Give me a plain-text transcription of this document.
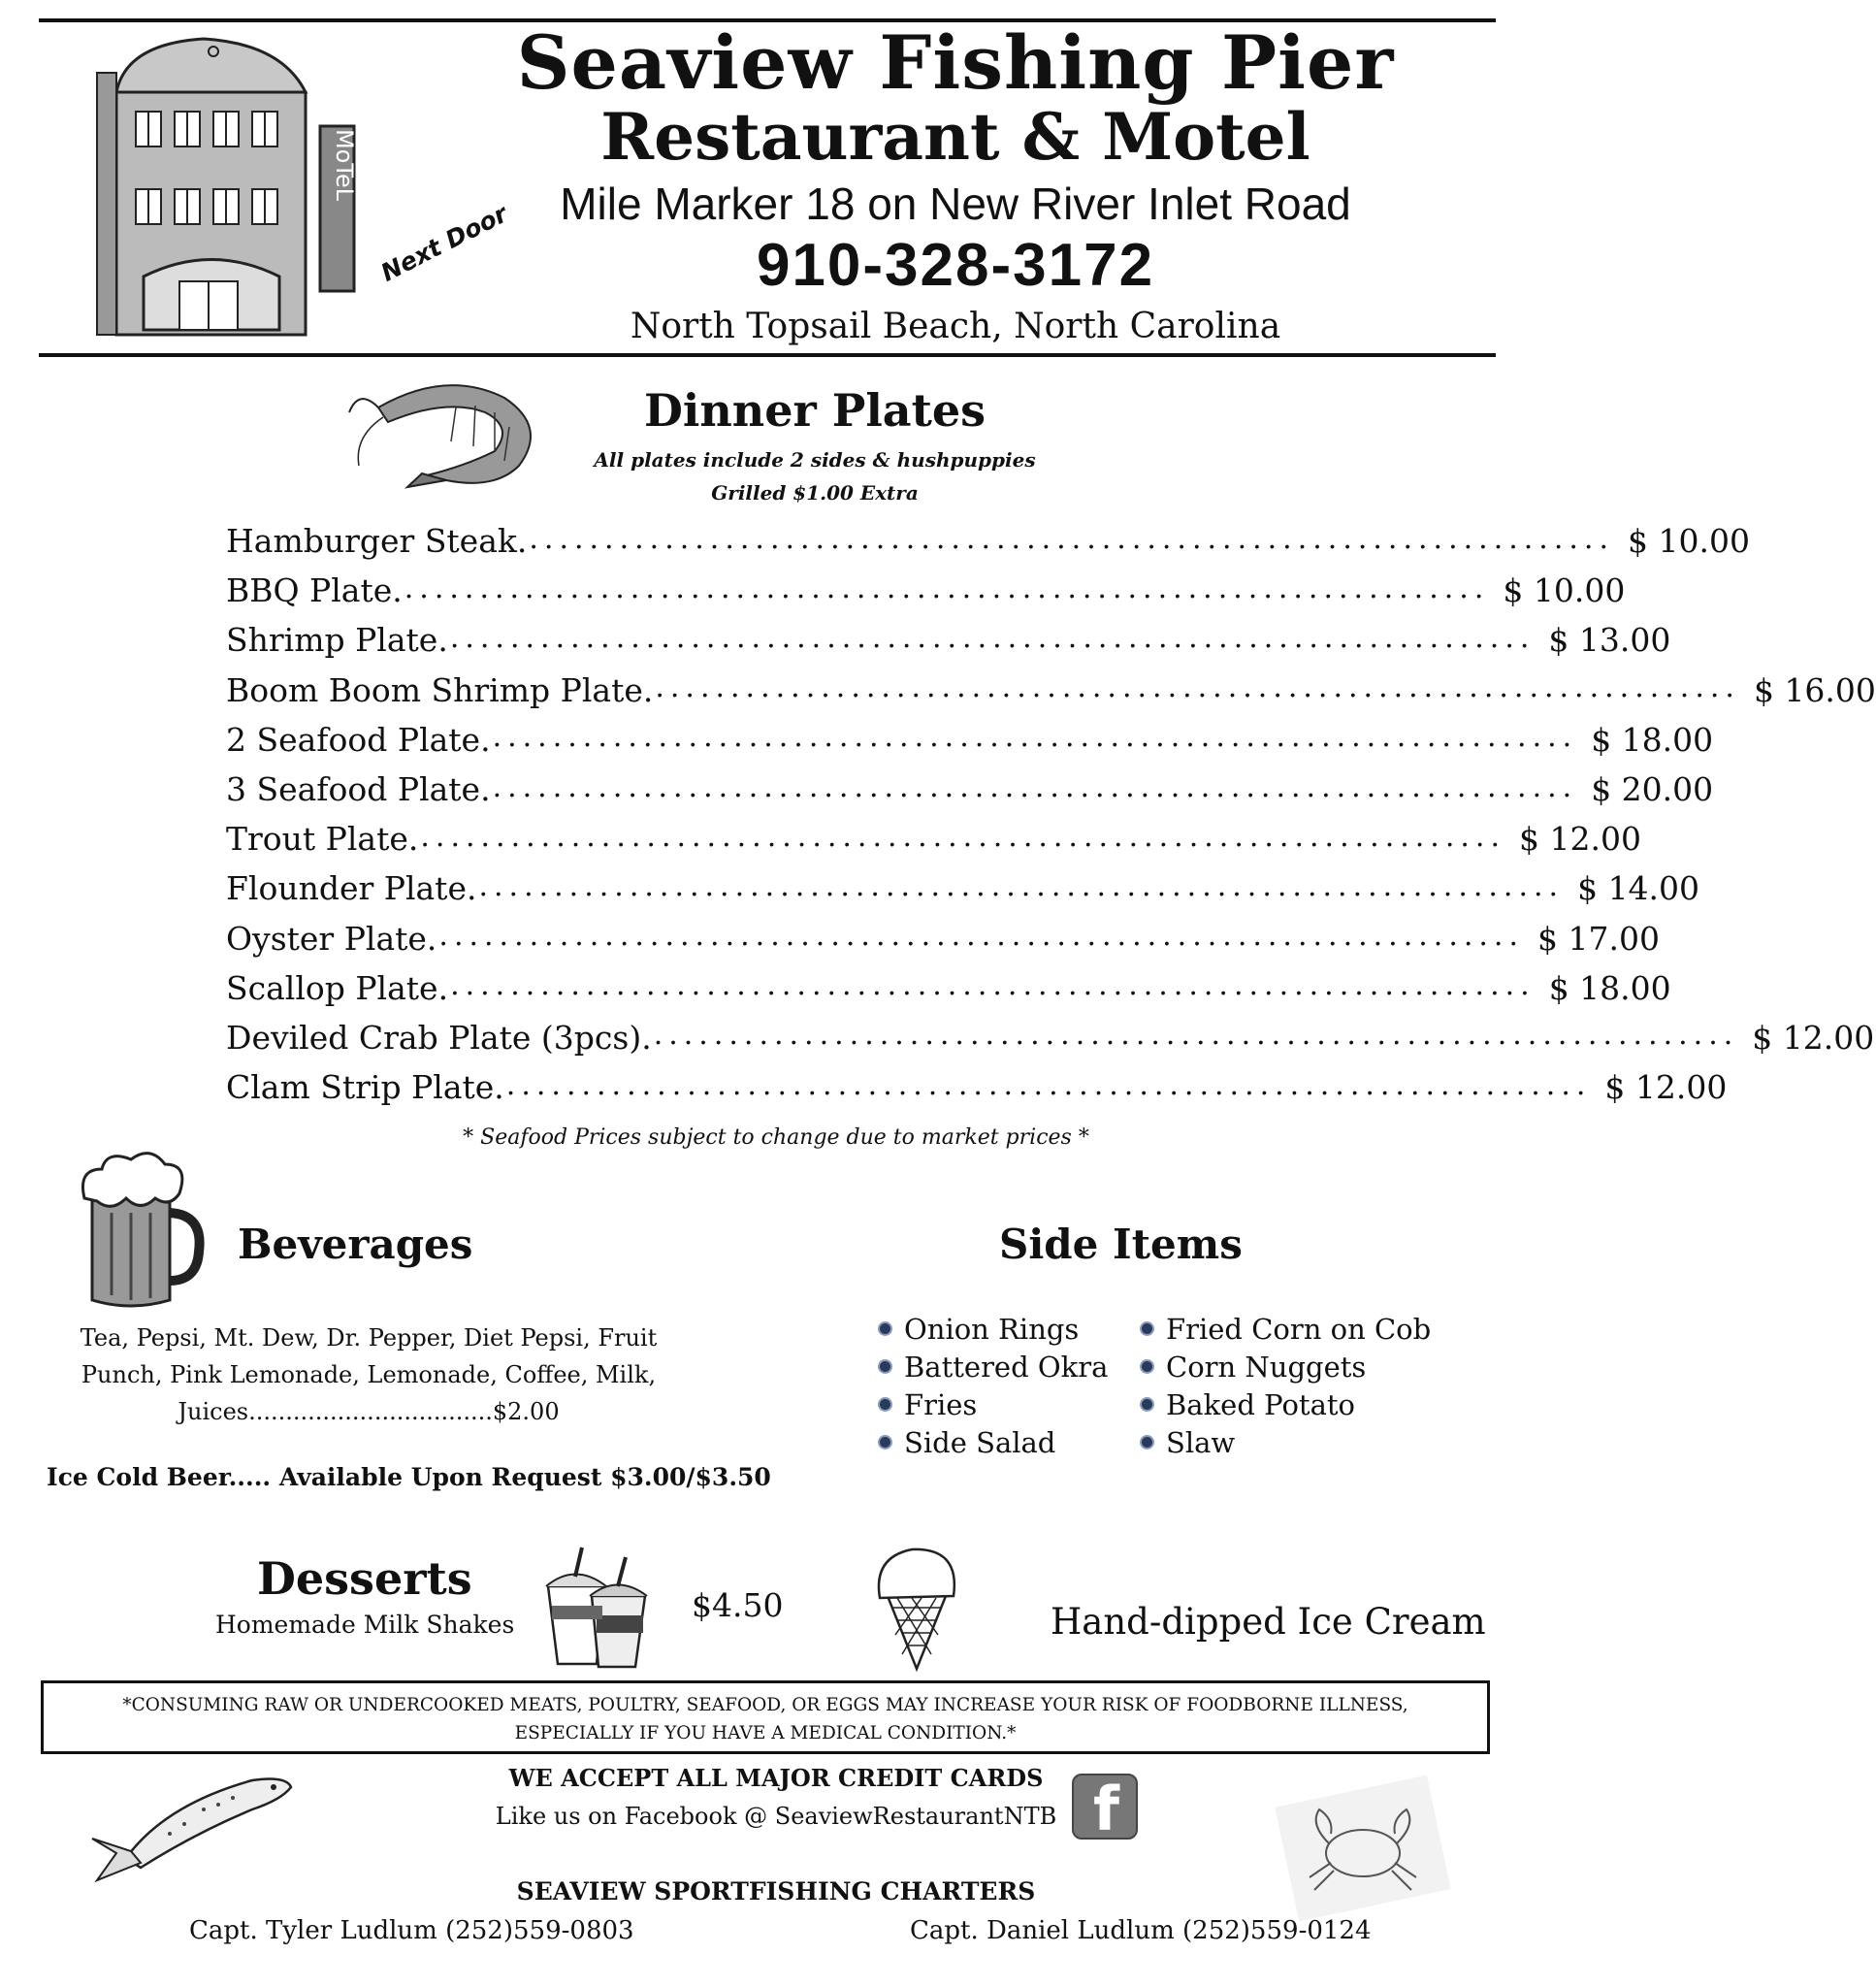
MoTeL
Next Door
Seaview Fishing Pier
Restaurant & Motel
Mile Marker 18 on New River Inlet Road
910-328-3172
North Topsail Beach, North Carolina
Dinner Plates
All plates include 2 sides & hushpuppies
Grilled $1.00 Extra
Hamburger Steak. ........................................................................ $ 10.00
BBQ Plate. ........................................................................ $ 10.00
Shrimp Plate. ........................................................................ $ 13.00
Boom Boom Shrimp Plate. ........................................................................ $ 16.00
2 Seafood Plate. ........................................................................ $ 18.00
3 Seafood Plate. ........................................................................ $ 20.00
Trout Plate. ........................................................................ $ 12.00
Flounder Plate. ........................................................................ $ 14.00
Oyster Plate. ........................................................................ $ 17.00
Scallop Plate. ........................................................................ $ 18.00
Deviled Crab Plate (3pcs). ........................................................................ $ 12.00
Clam Strip Plate. ........................................................................ $ 12.00
* Seafood Prices subject to change due to market prices *
Beverages	Side Items
Tea, Pepsi, Mt. Dew, Dr. Pepper, Diet Pepsi, Fruit
Punch, Pink Lemonade, Lemonade, Coffee, Milk,
Juices.................................$2.00
Ice Cold Beer..... Available Upon Request $3.00/$3.50
Onion Rings
Battered Okra
Fries
Side Salad
Fried Corn on Cob
Corn Nuggets
Baked Potato
Slaw
Desserts
Homemade Milk Shakes
$4.50	Hand-dipped Ice Cream
*CONSUMING RAW OR UNDERCOOKED MEATS, POULTRY, SEAFOOD, OR EGGS MAY INCREASE YOUR RISK OF FOODBORNE ILLNESS,
ESPECIALLY IF YOU HAVE A MEDICAL CONDITION.*
WE ACCEPT ALL MAJOR CREDIT CARDS
Like us on Facebook @ SeaviewRestaurantNTB f
SEAVIEW SPORTFISHING CHARTERS
Capt. Tyler Ludlum (252)559-0803	Capt. Daniel Ludlum (252)559-0124
